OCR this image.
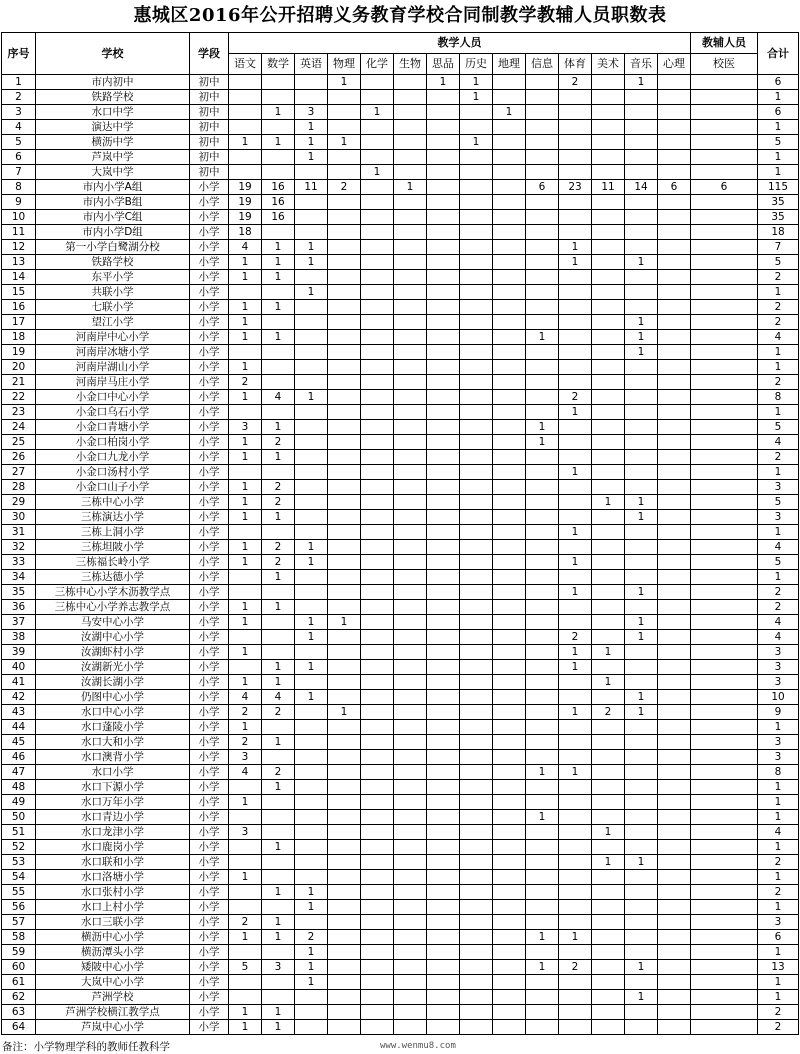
惠城区2016年公开招聘义务教育学校合同制教学教辅人员职数表
序号	学校	学段	教学人员														教辅人员	合计
			语文	数学	英语	物理	化学	生物	思品	历史	地理	信息	体育	美术	音乐	心理	校医	
1	市内初中	初中				1			1	1			2		1			6
2	铁路学校	初中								1								1
3	水口中学	初中		1	3		1				1							6
4	演达中学	初中			1													1
5	横沥中学	初中	1	1	1	1				1								5
6	芦岚中学	初中			1													1
7	大岚中学	初中					1											1
8	市内小学A组	小学	19	16	11	2		1				6	23	11	14	6	6	115
9	市内小学B组	小学	19	16														35
10	市内小学C组	小学	19	16														35
11	市内小学D组	小学	18															18
12	第一小学白鹭湖分校	小学	4	1	1								1					7
13	铁路学校	小学	1	1	1								1		1			5
14	东平小学	小学	1	1														2
15	共联小学	小学			1													1
16	七联小学	小学	1	1														2
17	望江小学	小学	1												1			2
18	河南岸中心小学	小学	1	1								1			1			4
19	河南岸冰塘小学	小学													1			1
20	河南岸湖山小学	小学	1															1
21	河南岸马庄小学	小学	2															2
22	小金口中心小学	小学	1	4	1								2					8
23	小金口乌石小学	小学											1					1
24	小金口青塘小学	小学	3	1								1						5
25	小金口柏岗小学	小学	1	2								1						4
26	小金口九龙小学	小学	1	1														2
27	小金口汤村小学	小学											1					1
28	小金口山子小学	小学	1	2														3
29	三栋中心小学	小学	1	2										1	1			5
30	三栋演达小学	小学	1	1											1			3
31	三栋上洞小学	小学											1					1
32	三栋坦陂小学	小学	1	2	1													4
33	三栋福长岭小学	小学	1	2	1								1					5
34	三栋达德小学	小学		1														1
35	三栋中心小学木沥教学点	小学											1		1			2
36	三栋中心小学养志教学点	小学	1	1														2
37	马安中心小学	小学	1		1	1									1			4
38	汝湖中心小学	小学			1								2		1			4
39	汝湖虾村小学	小学	1										1	1				3
40	汝湖新光小学	小学		1	1								1					3
41	汝湖长湖小学	小学	1	1										1				3
42	仍图中心小学	小学	4	4	1										1			10
43	水口中心小学	小学	2	2		1							1	2	1			9
44	水口蓬陵小学	小学	1															1
45	水口大和小学	小学	2	1														3
46	水口澳背小学	小学	3															3
47	水口小学	小学	4	2								1	1					8
48	水口下源小学	小学		1														1
49	水口万年小学	小学	1															1
50	水口青边小学	小学										1						1
51	水口龙津小学	小学	3											1				4
52	水口鹿岗小学	小学		1														1
53	水口联和小学	小学												1	1			2
54	水口洛塘小学	小学	1															1
55	水口张村小学	小学		1	1													2
56	水口上村小学	小学			1													1
57	水口三联小学	小学	2	1														3
58	横沥中心小学	小学	1	1	2							1	1					6
59	横沥潭头小学	小学			1													1
60	矮陂中心小学	小学	5	3	1							1	2		1			13
61	大岚中心小学	小学			1													1
62	芦洲学校	小学													1			1
63	芦洲学校横江教学点	小学	1	1														2
64	芦岚中心小学	小学	1	1														2
备注：小学物理学科的教师任教科学	www.wenmu8.com
